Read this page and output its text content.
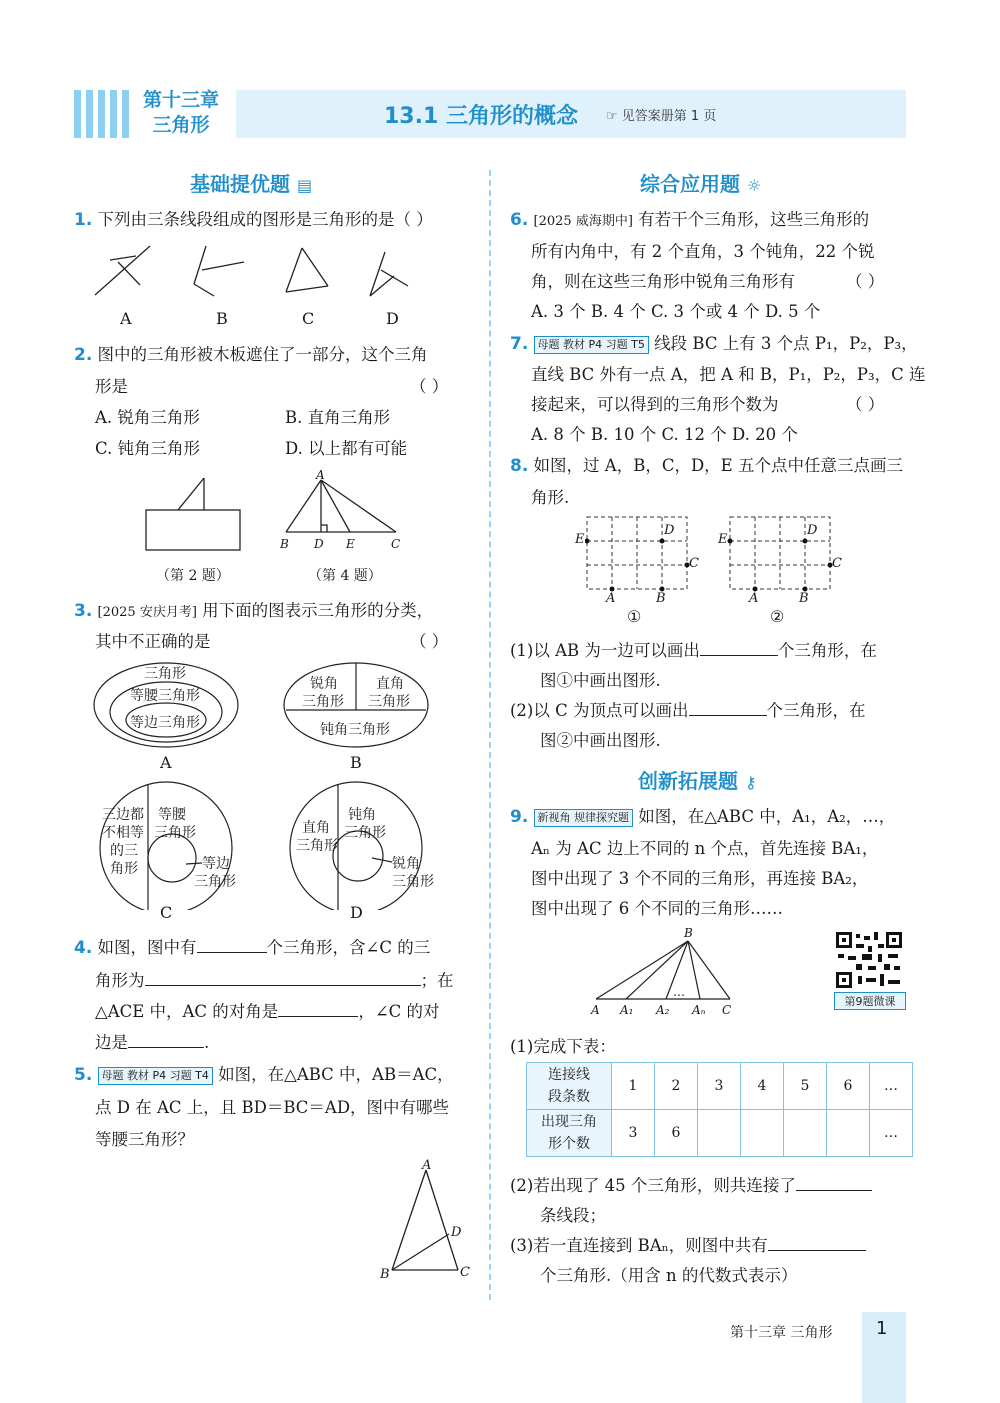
第十三章
三角形	13.1 三角形的概念 ☞ 见答案册第 1 页
基础提优题 ▤
1. 下列由三条线段组成的图形是三角形的是（ ）
A	B	C	D
2. 图中的三角形被木板遮住了一部分，这个三角
形是	（ ）
A. 锐角三角形	B. 直角三角形
C. 钝角三角形	D. 以上都有可能
A
B D E	C
（第 2 题）	（第 4 题）
3. [2025 安庆月考] 用下面的图表示三角形的分类，
其中不正确的是	（ ）
三角形
等腰三角形
等边三角形
锐角
三角形
直角
三角形
钝角三角形
A	B
三边都
不相等
的三
角形
等腰
三角形
等边
三角形
直角
三角形
钝角
三角形
锐角
三角形
C	D
4. 如图，图中有	个三角形，含∠C 的三
角形为	；在
△ACE 中，AC 的对角是	，∠C 的对
边是	.
5. 母题 教材 P4 习题 T4 如图，在△ABC 中，AB＝AC，
点 D 在 AC 上，且 BD＝BC＝AD，图中有哪些
等腰三角形？
A
D
B	C
综合应用题 ☼
6. [2025 威海期中] 有若干个三角形，这些三角形的
所有内角中，有 2 个直角，3 个钝角，22 个锐
角，则在这些三角形中锐角三角形有	（ ）
A. 3 个 B. 4 个 C. 3 个或 4 个 D. 5 个
7. 母题 教材 P4 习题 T5 线段 BC 上有 3 个点 P₁，P₂，P₃，
直线 BC 外有一点 A，把 A 和 B，P₁，P₂，P₃，C 连
接起来，可以得到的三角形个数为	（ ）
A. 8 个 B. 10 个 C. 12 个 D. 20 个
8. 如图，过 A，B，C，D，E 五个点中任意三点画三
角形.
E
D
C
A	B
E
D
C
A	B
①	②
(1)以 AB 为一边可以画出	个三角形，在
图①中画出图形.
(2)以 C 为顶点可以画出	个三角形，在
图②中画出图形.
创新拓展题 ⚷
9. 新视角 规律探究题 如图，在△ABC 中，A₁，A₂，…，
Aₙ 为 AC 边上不同的 n 个点，首先连接 BA₁，
图中出现了 3 个不同的三角形，再连接 BA₂，
图中出现了 6 个不同的三角形……
B
A A₁ A₂
…
Aₙ C
第9题微课
(1)完成下表：
连接线
段条数	1	2	3	4	5	6	…

出现三角
形个数	3	6					…
(2)若出现了 45 个三角形，则共连接了
条线段；
(3)若一直连接到 BAₙ，则图中共有
个三角形.（用含 n 的代数式表示）
第十三章 三角形 1
